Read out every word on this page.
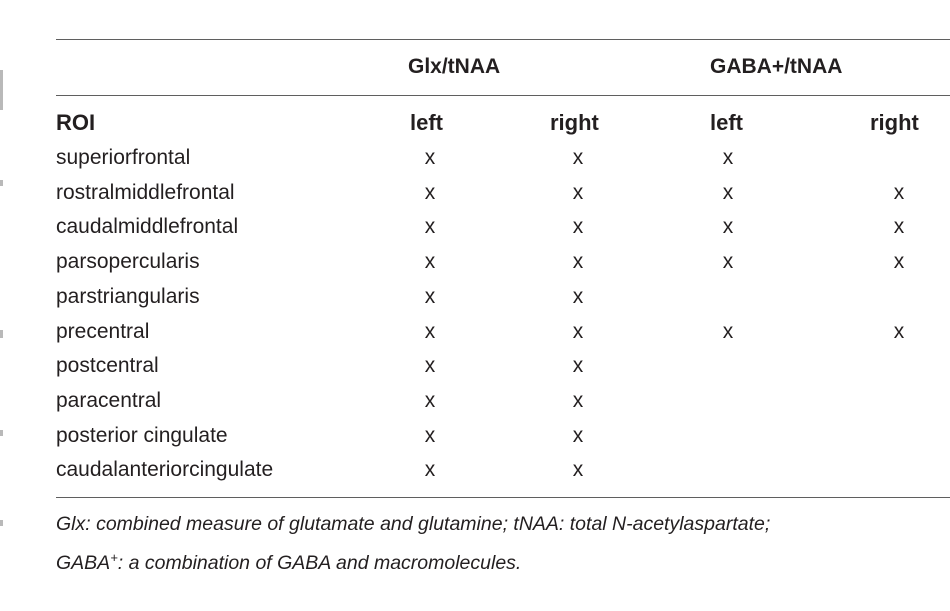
Glx/tNAA	GABA+/tNAA
ROI	left	right	left	right
superiorfrontal	x	x	x
rostralmiddlefrontal	x	x	x	x
caudalmiddlefrontal	x	x	x	x
parsopercularis	x	x	x	x
parstriangularis	x	x
precentral	x	x	x	x
postcentral	x	x
paracentral	x	x
posterior cingulate	x	x
caudalanteriorcingulate	x	x
Glx: combined measure of glutamate and glutamine; tNAA: total N-acetylaspartate;
GABA+: a combination of GABA and macromolecules.
